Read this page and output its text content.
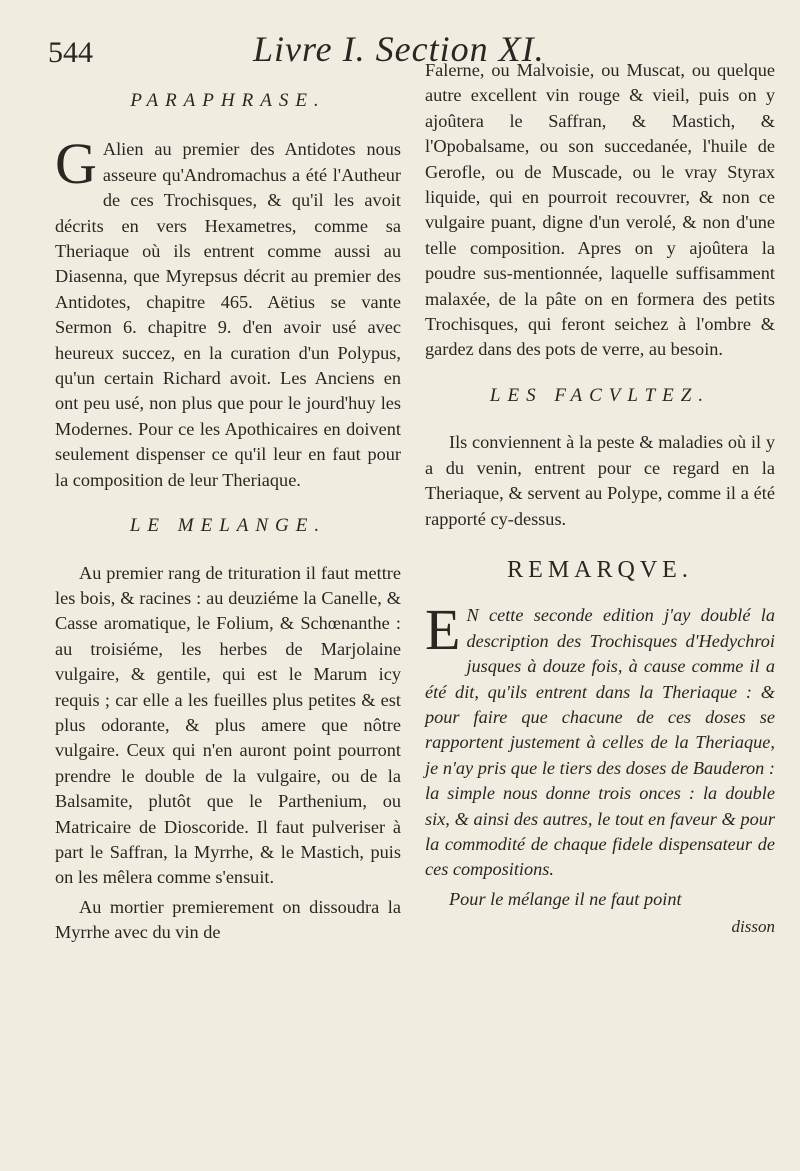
544	Livre I. Section XI.
PARAPHRASE.

G Alien au premier des Antidotes nous asseure qu'Andromachus a été l'Autheur de ces Trochisques, & qu'il les avoit décrits en vers Hexametres, comme sa Theriaque où ils entrent comme aussi au Diasenna, que Myrepsus décrit au premier des Antidotes, chapitre 465. Aëtius se vante Sermon 6. chapitre 9. d'en avoir usé avec heureux succez, en la curation d'un Polypus, qu'un certain Richard avoit. Les Anciens en ont peu usé, non plus que pour le jourd'huy les Modernes. Pour ce les Apothicaires en doivent seulement dispenser ce qu'il leur en faut pour la composition de leur Theriaque.

LE MELANGE.

Au premier rang de trituration il faut mettre les bois, & racines : au deuziéme la Canelle, & Casse aromatique, le Folium, & Schœnanthe : au troisiéme, les herbes de Marjolaine vulgaire, & gentile, qui est le Marum icy requis ; car elle a les fueilles plus petites & est plus odorante, & plus amere que nôtre vulgaire. Ceux qui n'en auront point pourront prendre le double de la vulgaire, ou de la Balsamite, plutôt que le Parthenium, ou Matricaire de Dioscoride. Il faut pulveriser à part le Saffran, la Myrrhe, & le Mastich, puis on les mêlera comme s'ensuit.

Au mortier premierement on dissoudra la Myrrhe avec du vin de

Falerne, ou Malvoisie, ou Muscat, ou quelque autre excellent vin rouge & vieil, puis on y ajoûtera le Saffran, & Mastich, & l'Opobalsame, ou son succedanée, l'huile de Gerofle, ou de Muscade, ou le vray Styrax liquide, qui en pourroit recouvrer, & non ce vulgaire puant, digne d'un verolé, & non d'une telle composition. Apres on y ajoûtera la poudre sus-mentionnée, laquelle suffisamment malaxée, de la pâte on en formera des petits Trochisques, qui feront seichez à l'ombre & gardez dans des pots de verre, au besoin.

LES FACVLTEZ.

Ils conviennent à la peste & maladies où il y a du venin, entrent pour ce regard en la Theriaque, & servent au Polype, comme il a été rapporté cy-dessus.

REMARQVE.

E N cette seconde edition j'ay doublé la description des Trochisques d'Hedychroi jusques à douze fois, à cause comme il a été dit, qu'ils entrent dans la Theriaque : & pour faire que chacune de ces doses se rapportent justement à celles de la Theriaque, je n'ay pris que le tiers des doses de Bauderon : la simple nous donne trois onces : la double six, & ainsi des autres, le tout en faveur & pour la commodité de chaque fidele dispensateur de ces compositions.

Pour le mélange il ne faut point

disson
